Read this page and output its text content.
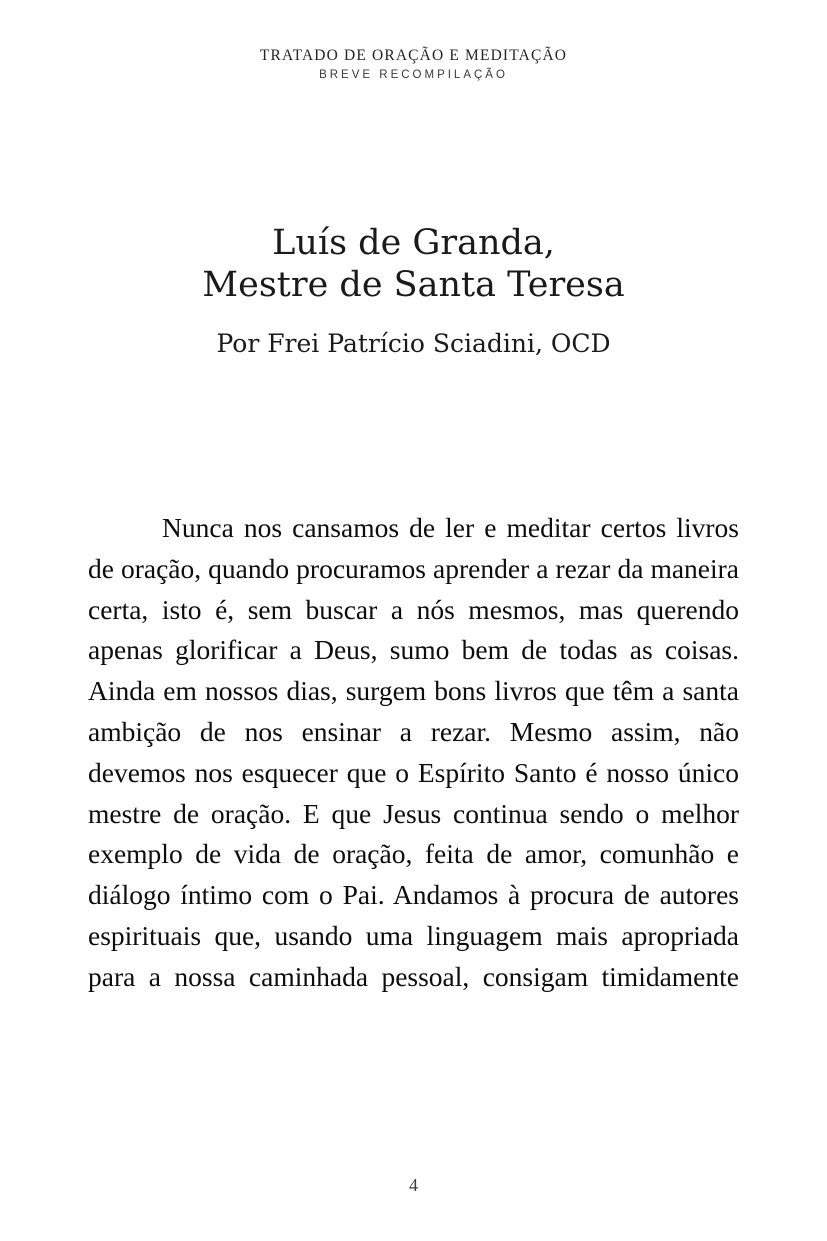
TRATADO DE ORAÇÃO E MEDITAÇÃO
BREVE RECOMPILAÇÃO
Luís de Granda,
Mestre de Santa Teresa

Por Frei Patrício Sciadini, OCD

Nunca nos cansamos de ler e meditar certos livros de oração, quando procuramos aprender a rezar da maneira certa, isto é, sem buscar a nós mesmos, mas querendo apenas glorificar a Deus, sumo bem de todas as coisas. Ainda em nossos dias, surgem bons livros que têm a santa ambição de nos ensinar a rezar. Mesmo assim, não devemos nos esquecer que o Espírito Santo é nosso único mestre de oração. E que Jesus continua sendo o melhor exemplo de vida de oração, feita de amor, comunhão e diálogo íntimo com o Pai. Andamos à procura de autores espirituais que, usando uma linguagem mais apropriada para a nossa caminhada pessoal, consigam timidamente

4
